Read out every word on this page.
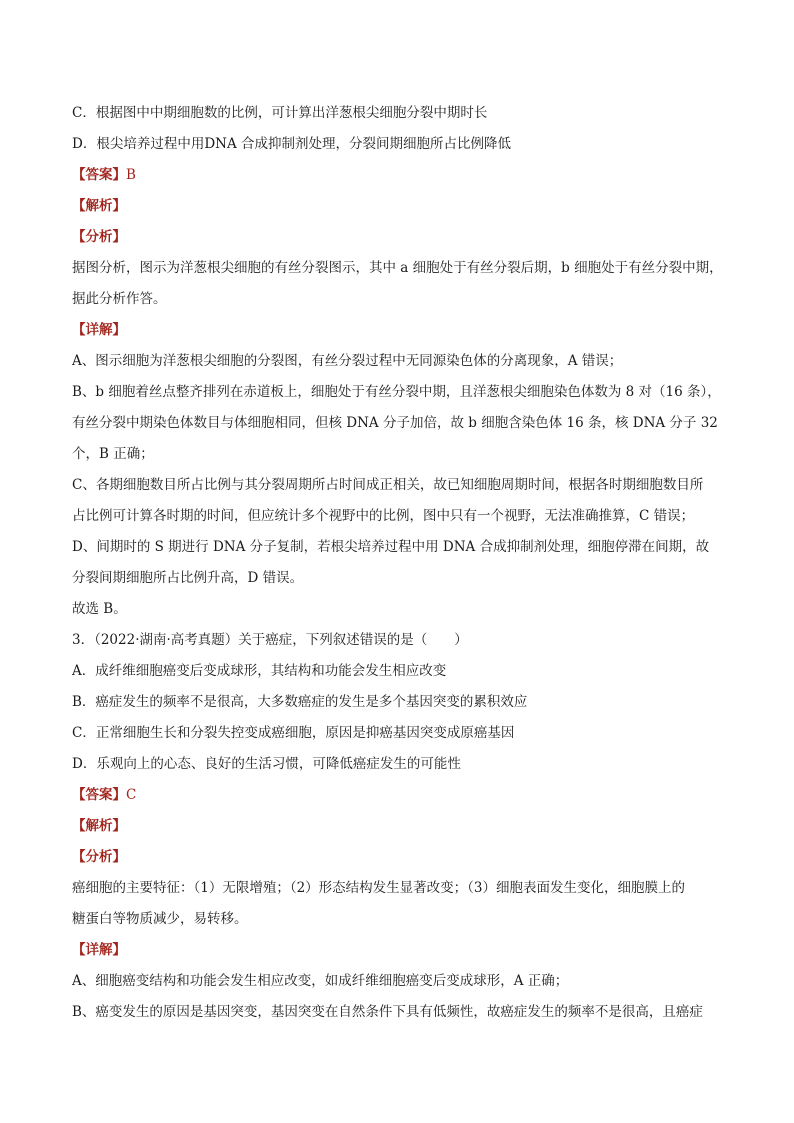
C．根据图中中期细胞数的比例，可计算出洋葱根尖细胞分裂中期时长
D．根尖培养过程中用DNA 合成抑制剂处理，分裂间期细胞所占比例降低
【答案】B
【解析】
【分析】
据图分析，图示为洋葱根尖细胞的有丝分裂图示，其中 a 细胞处于有丝分裂后期，b 细胞处于有丝分裂中期，
据此分析作答。
【详解】
A、图示细胞为洋葱根尖细胞的分裂图，有丝分裂过程中无同源染色体的分离现象，A 错误；
B、b 细胞着丝点整齐排列在赤道板上，细胞处于有丝分裂中期，且洋葱根尖细胞染色体数为 8 对（16 条），
有丝分裂中期染色体数目与体细胞相同，但核 DNA 分子加倍，故 b 细胞含染色体 16 条，核 DNA 分子 32
个，B 正确；
C、各期细胞数目所占比例与其分裂周期所占时间成正相关，故已知细胞周期时间，根据各时期细胞数目所
占比例可计算各时期的时间，但应统计多个视野中的比例，图中只有一个视野，无法准确推算，C 错误；
D、间期时的 S 期进行 DNA 分子复制，若根尖培养过程中用 DNA 合成抑制剂处理，细胞停滞在间期，故
分裂间期细胞所占比例升高，D 错误。
故选 B。
3．（2022·湖南·高考真题）关于癌症，下列叙述错误的是（　　）
A．成纤维细胞癌变后变成球形，其结构和功能会发生相应改变
B．癌症发生的频率不是很高，大多数癌症的发生是多个基因突变的累积效应
C．正常细胞生长和分裂失控变成癌细胞，原因是抑癌基因突变成原癌基因
D．乐观向上的心态、良好的生活习惯，可降低癌症发生的可能性
【答案】C
【解析】
【分析】
癌细胞的主要特征：（1）无限增殖；（2）形态结构发生显著改变；（3）细胞表面发生变化，细胞膜上的
糖蛋白等物质减少，易转移。
【详解】
A、细胞癌变结构和功能会发生相应改变，如成纤维细胞癌变后变成球形，A 正确；
B、癌变发生的原因是基因突变，基因突变在自然条件下具有低频性，故癌症发生的频率不是很高，且癌症
